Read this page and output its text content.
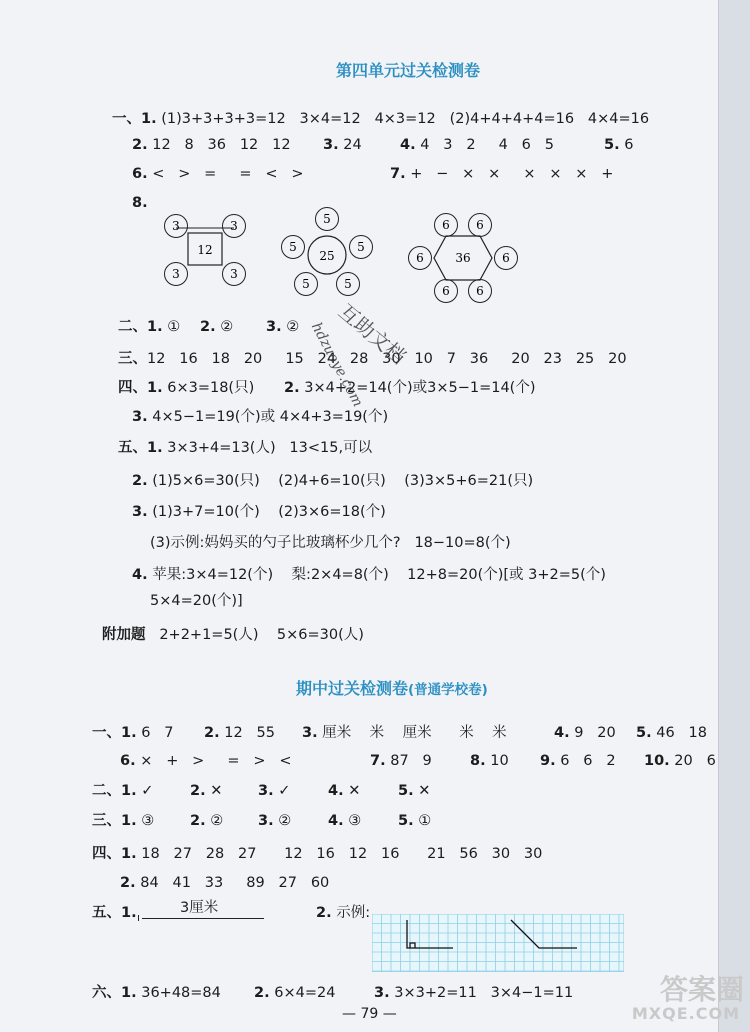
第四单元过关检测卷
一、1. (1)3+3+3+3=12   3×4=12   4×3=12   (2)4+4+4+4=16   4×4=16
2. 12   8   36   12   12 3. 24	4. 4   3   2     4   6   5	5. 6
6. <   >   =     =   <   >	7. +   −   ×   ×     ×   ×   ×   +
8.
12
3	3
3	3
25
5
5	5
5	5
36
6 6
6	6
6 6
二、1. ① 2. ② 3. ②
三、12   16   18   20     15   24   28   30   10   7   36     20   23   25   20
四、1. 6×3=18(只) 2. 3×4+2=14(个)或3×5−1=14(个)
3. 4×5−1=19(个)或 4×4+3=19(个)
五、1. 3×3+4=13(人)   13<15,可以
2. (1)5×6=30(只)    (2)4+6=10(只)    (3)3×5+6=21(只)
3. (1)3+7=10(个)    (2)3×6=18(个)
(3)示例:妈妈买的勺子比玻璃杯少几个?   18−10=8(个)
4. 苹果:3×4=12(个)    梨:2×4=8(个)    12+8=20(个)[或 3+2=5(个)
5×4=20(个)]
附加题   2+2+1=5(人)    5×6=30(人)
期中过关检测卷(普通学校卷)
一、1. 6   7 2. 12   55 3. 厘米    米    厘米      米    米	4. 9   20 5. 46   18
6. ×   +   >     =   >   <	7. 87   9	8. 10 9. 6   6   2 10. 20   6
二、1. ✓	2. ✕ 3. ✓	4. ✕	5. ✕
三、1. ③ 2. ② 3. ②	4. ③	5. ①
四、1. 18   27   28   27      12   16   12   16      21   56   30   30
2. 84   41   33     89   27   60
五、1.	3厘米	2. 示例:
六、1. 36+48=84 2. 6×4=24	3. 3×3+2=11   3×4−1=11
— 79 —
互助文档
hdzuoye.com
答案圈
MXQE.COM
